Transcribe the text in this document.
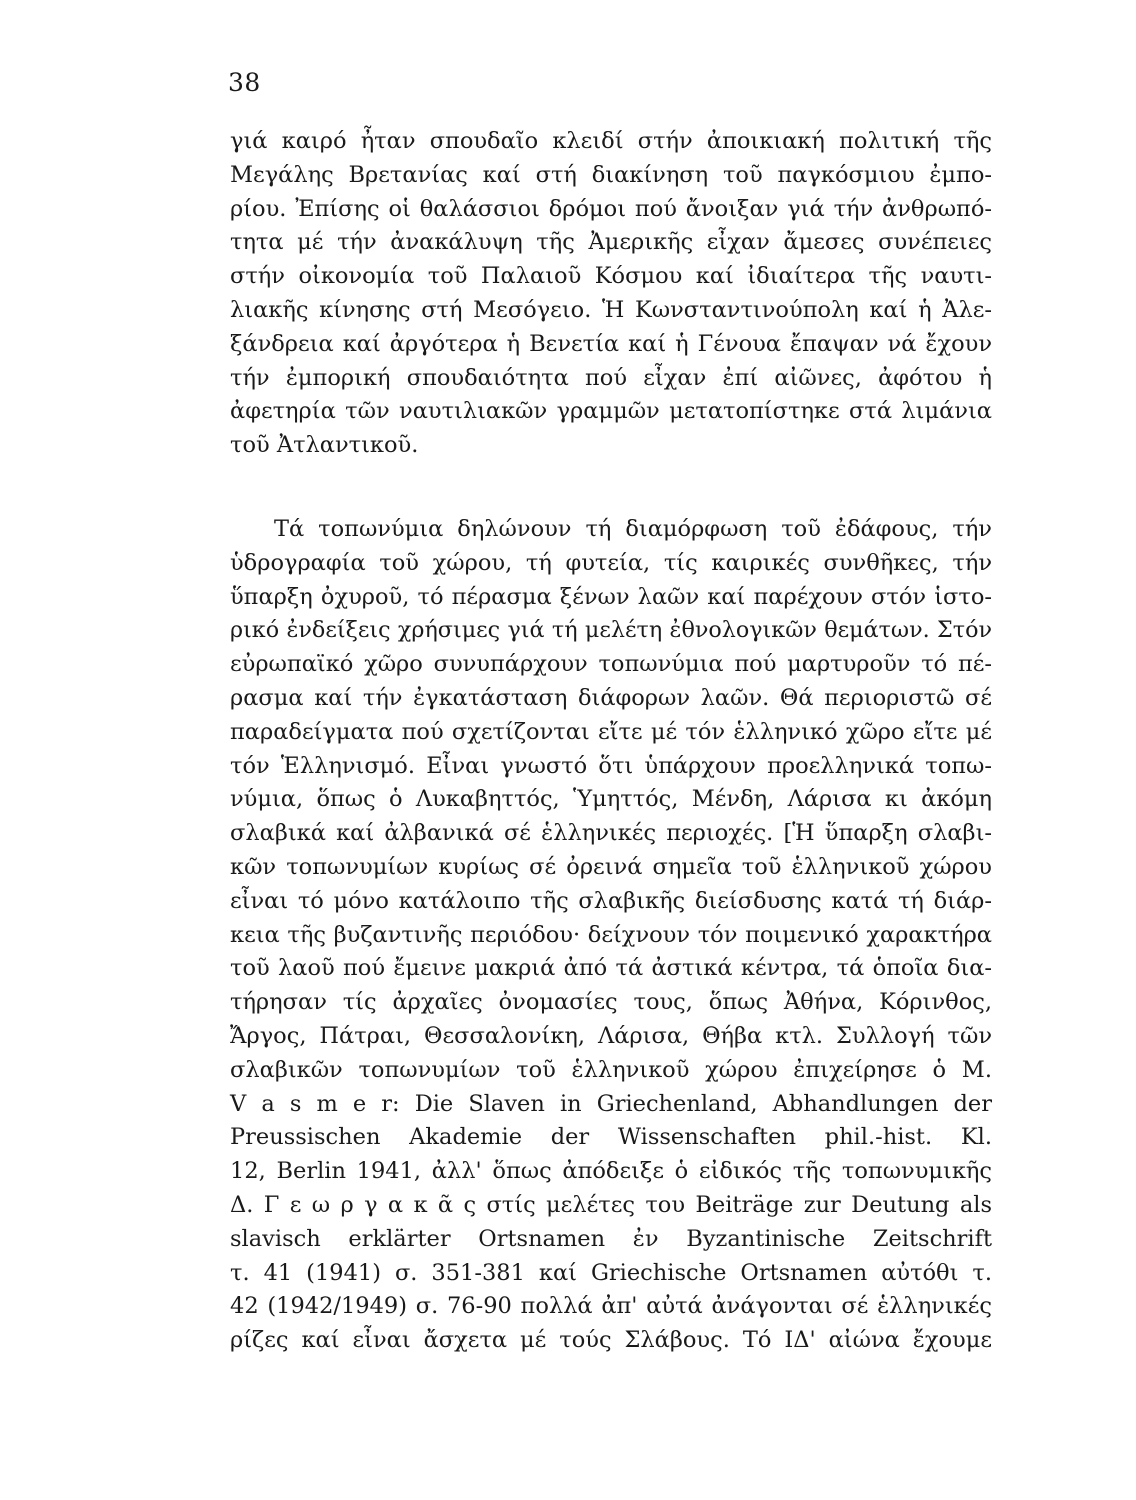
38
γιά καιρό ἦταν σπουδαῖο κλειδί στήν ἀποικιακή πολιτική τῆς
Μεγάλης Βρετανίας καί στή διακίνηση τοῦ παγκόσμιου ἐμπο-
ρίου. Ἐπίσης οἱ θαλάσσιοι δρόμοι πού ἄνοιξαν γιά τήν ἀνθρωπό-
τητα μέ τήν ἀνακάλυψη τῆς Ἀμερικῆς εἶχαν ἄμεσες συνέπειες
στήν οἰκονομία τοῦ Παλαιοῦ Κόσμου καί ἰδιαίτερα τῆς ναυτι-
λιακῆς κίνησης στή Μεσόγειο. Ἡ Κωνσταντινούπολη καί ἡ Ἀλε-
ξάνδρεια καί ἀργότερα ἡ Βενετία καί ἡ Γένουα ἔπαψαν νά ἔχουν
τήν ἐμπορική σπουδαιότητα πού εἶχαν ἐπί αἰῶνες, ἀφότου ἡ
ἀφετηρία τῶν ναυτιλιακῶν γραμμῶν μετατοπίστηκε στά λιμάνια
τοῦ Ἀτλαντικοῦ.
Τά τοπωνύμια δηλώνουν τή διαμόρφωση τοῦ ἐδάφους, τήν
ὑδρογραφία τοῦ χώρου, τή φυτεία, τίς καιρικές συνθῆκες, τήν
ὕπαρξη ὀχυροῦ, τό πέρασμα ξένων λαῶν καί παρέχουν στόν ἱστο-
ρικό ἐνδείξεις χρήσιμες γιά τή μελέτη ἐθνολογικῶν θεμάτων. Στόν
εὐρωπαϊκό χῶρο συνυπάρχουν τοπωνύμια πού μαρτυροῦν τό πέ-
ρασμα καί τήν ἐγκατάσταση διάφορων λαῶν. Θά περιοριστῶ σέ
παραδείγματα πού σχετίζονται εἴτε μέ τόν ἑλληνικό χῶρο εἴτε μέ
τόν Ἑλληνισμό. Εἶναι γνωστό ὅτι ὑπάρχουν προελληνικά τοπω-
νύμια, ὅπως ὁ Λυκαβηττός, Ὑμηττός, Μένδη, Λάρισα κι ἀκόμη
σλαβικά καί ἀλβανικά σέ ἑλληνικές περιοχές. [Ἡ ὕπαρξη σλαβι-
κῶν τοπωνυμίων κυρίως σέ ὀρεινά σημεῖα τοῦ ἑλληνικοῦ χώρου
εἶναι τό μόνο κατάλοιπο τῆς σλαβικῆς διείσδυσης κατά τή διάρ-
κεια τῆς βυζαντινῆς περιόδου· δείχνουν τόν ποιμενικό χαρακτήρα
τοῦ λαοῦ πού ἔμεινε μακριά ἀπό τά ἀστικά κέντρα, τά ὁποῖα δια-
τήρησαν τίς ἀρχαῖες ὀνομασίες τους, ὅπως Ἀθήνα, Κόρινθος,
Ἄργος, Πάτραι, Θεσσαλονίκη, Λάρισα, Θήβα κτλ. Συλλογή τῶν
σλαβικῶν τοπωνυμίων τοῦ ἑλληνικοῦ χώρου ἐπιχείρησε ὁ M.
V a s m e r: Die Slaven in Griechenland, Abhandlungen der
Preussischen Akademie der Wissenschaften phil.-hist. Kl.
12, Berlin 1941, ἀλλ' ὅπως ἀπόδειξε ὁ εἰδικός τῆς τοπωνυμικῆς
Δ. Γ ε ω ρ γ α κ ᾶ ς στίς μελέτες του Beiträge zur Deutung als
slavisch erklärter Ortsnamen ἐν Byzantinische Zeitschrift
τ. 41 (1941) σ. 351-381 καί Griechische Ortsnamen αὐτόθι τ.
42 (1942/1949) σ. 76-90 πολλά ἀπ' αὐτά ἀνάγονται σέ ἑλληνικές
ρίζες καί εἶναι ἄσχετα μέ τούς Σλάβους. Τό ΙΔ' αἰώνα ἔχουμε
